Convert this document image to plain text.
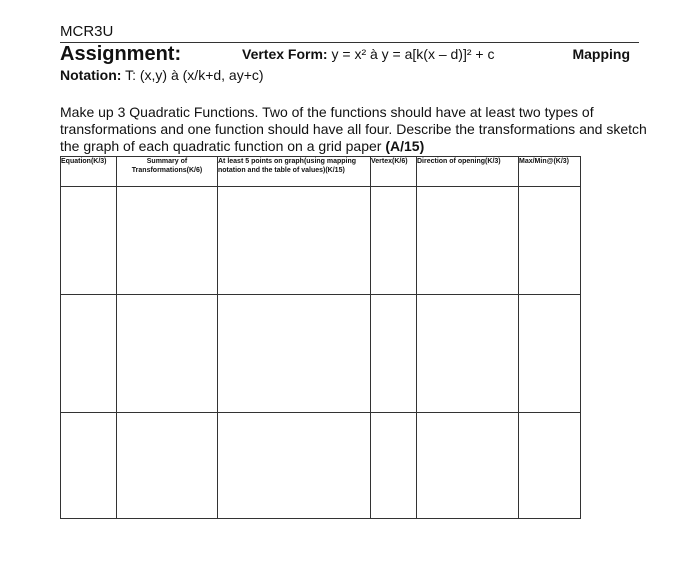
MCR3U
Assignment:	Vertex Form: y = x² à y = a[k(x – d)]² + c	Mapping
Notation: T: (x,y) à (x/k+d, ay+c)
Make up 3 Quadratic Functions. Two of the functions should have at least two types of transformations and one function should have all four. Describe the transformations and sketch the graph of each quadratic function on a grid paper (A/15)
Equation(K/3)	Summary of Transformations(K/6)	At least 5 points on graph(using mapping notation and the table of values)(K/15)	Vertex(K/6)	Direction of opening(K/3)	Max/Min@(K/3)
